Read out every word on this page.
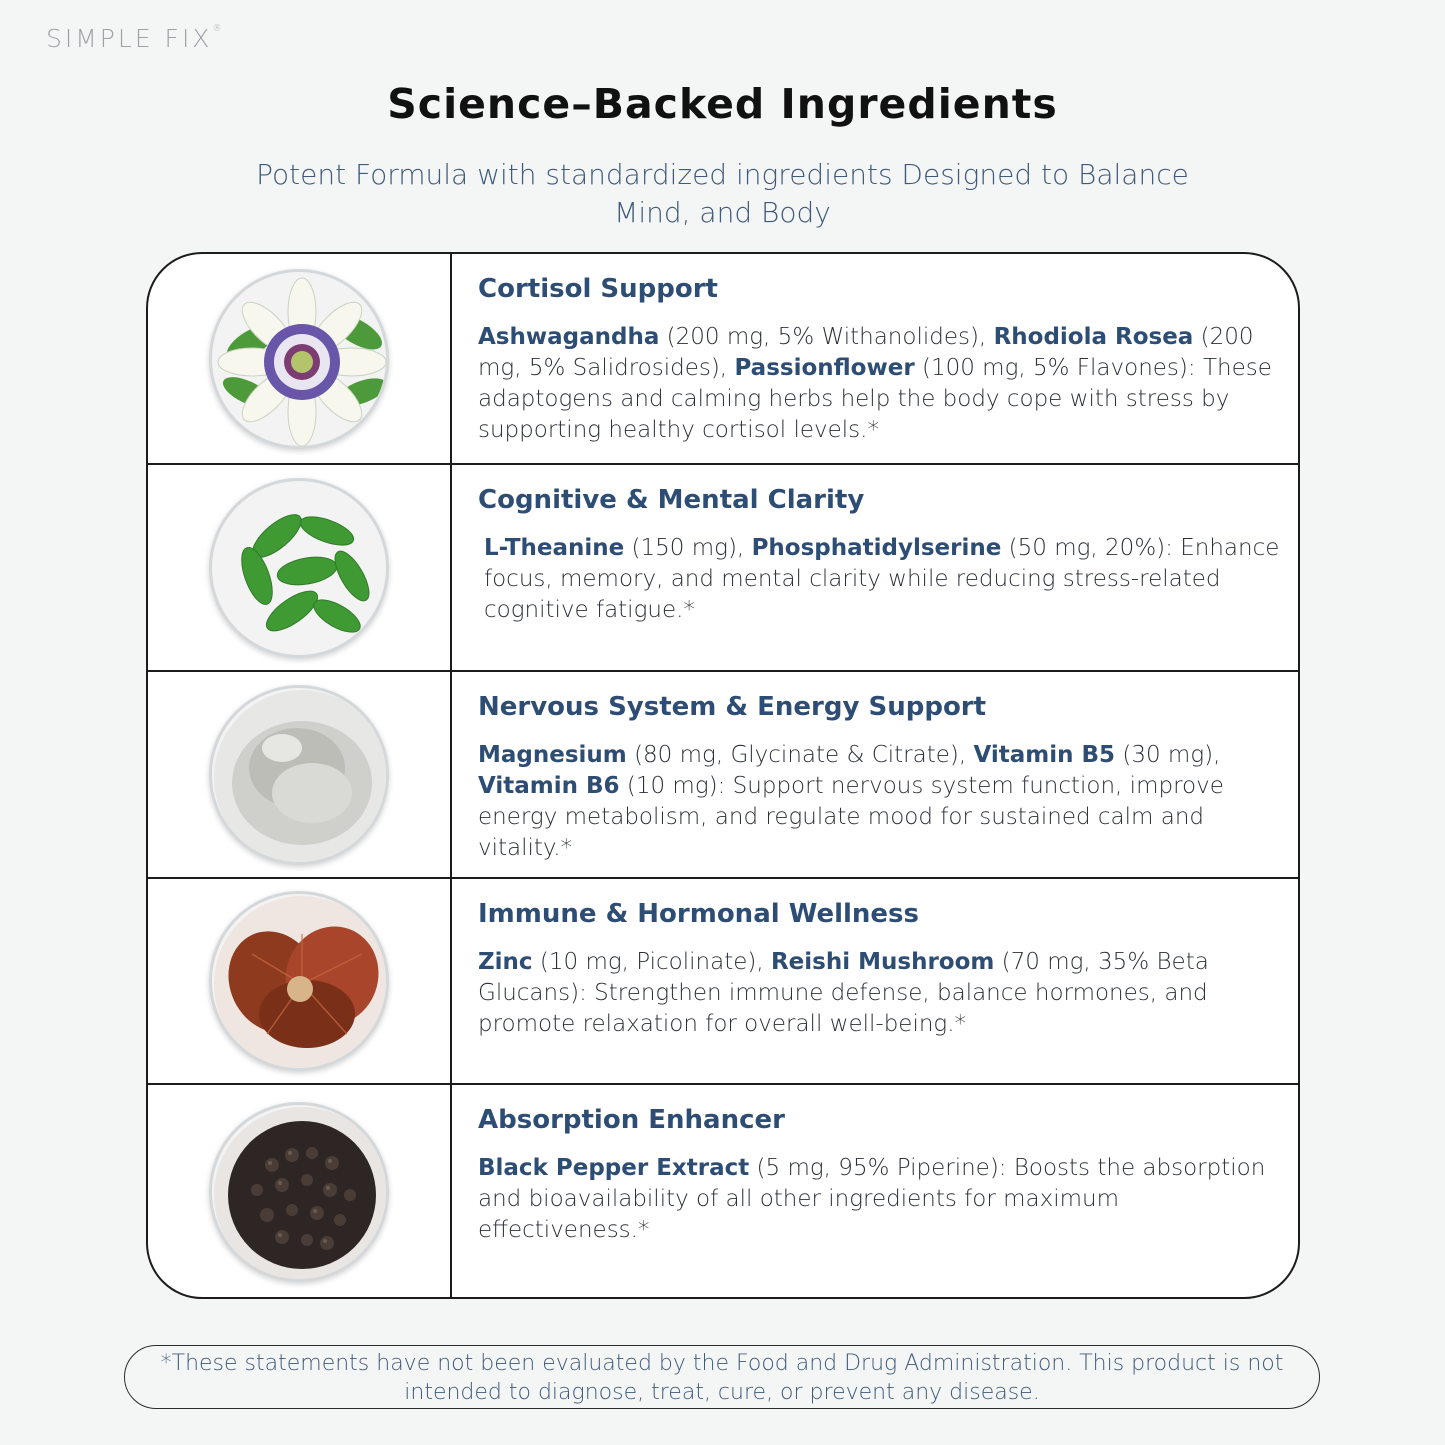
SIMPLE FIX®
Science–Backed Ingredients
Potent Formula with standardized ingredients Designed to Balance Mind, and Body
Cortisol Support

Ashwagandha (200 mg, 5% Withanolides), Rhodiola Rosea (200 mg, 5% Salidrosides), Passionflower (100 mg, 5% Flavones): These adaptogens and calming herbs help the body cope with stress by supporting healthy cortisol levels.*

Cognitive & Mental Clarity

L-Theanine (150 mg), Phosphatidylserine (50 mg, 20%): Enhance focus, memory, and mental clarity while reducing stress-related cognitive fatigue.*

Nervous System & Energy Support

Magnesium (80 mg, Glycinate & Citrate), Vitamin B5 (30 mg), Vitamin B6 (10 mg): Support nervous system function, improve energy metabolism, and regulate mood for sustained calm and vitality.*

Immune & Hormonal Wellness

Zinc (10 mg, Picolinate), Reishi Mushroom (70 mg, 35% Beta Glucans): Strengthen immune defense, balance hormones, and promote relaxation for overall well-being.*

Absorption Enhancer

Black Pepper Extract (5 mg, 95% Piperine): Boosts the absorption and bioavailability of all other ingredients for maximum effectiveness.*

*These statements have not been evaluated by the Food and Drug Administration. This product is not intended to diagnose, treat, cure, or prevent any disease.
